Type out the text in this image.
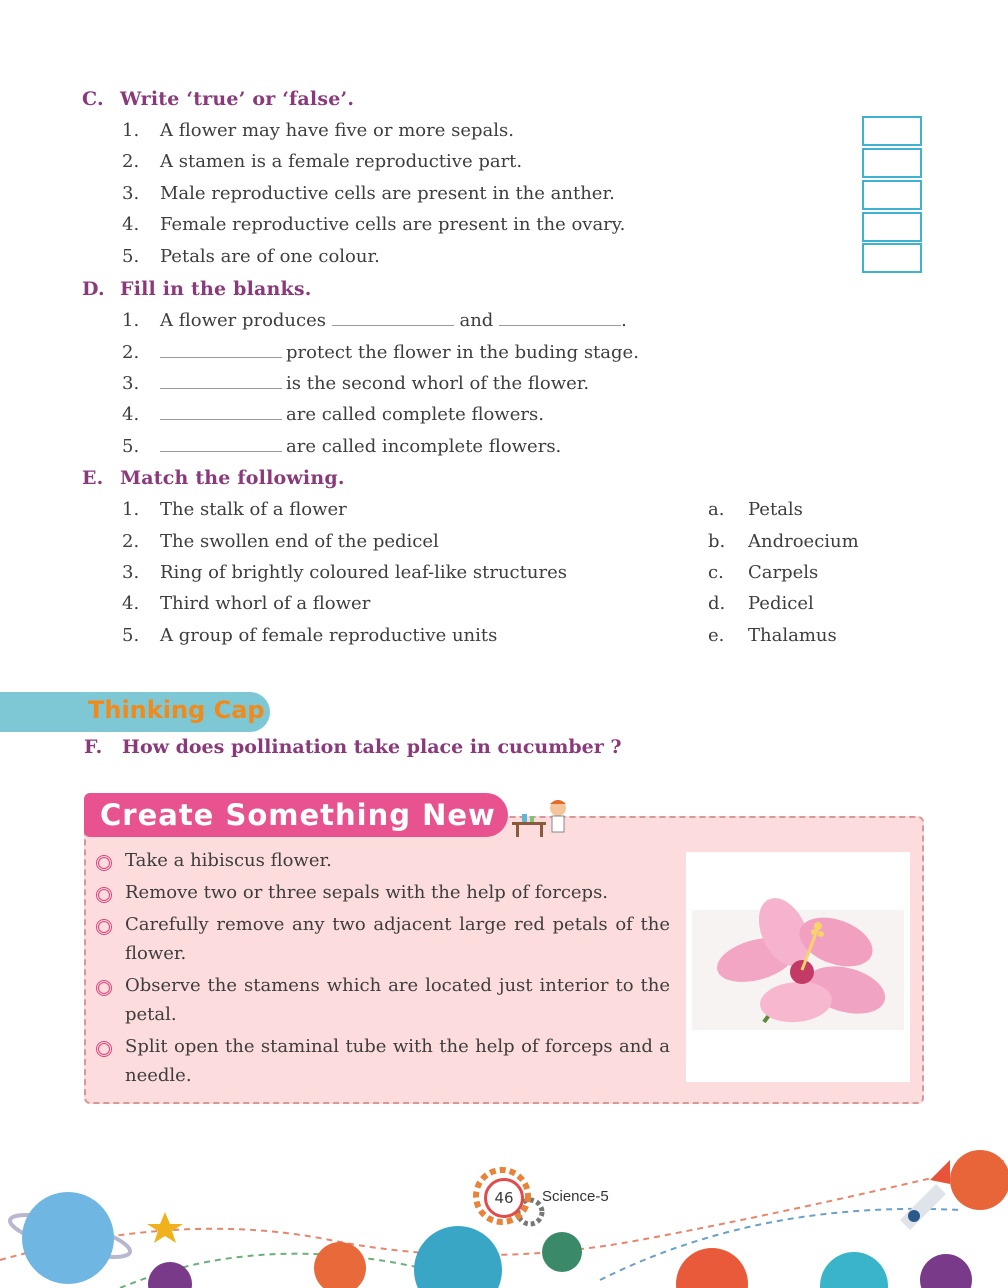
C. Write ‘true’ or ‘false’.
1. A flower may have five or more sepals.
2. A stamen is a female reproductive part.
3. Male reproductive cells are present in the anther.
4. Female reproductive cells are present in the ovary.
5. Petals are of one colour.
D. Fill in the blanks.
1. A flower produces	and	.
2.	protect the flower in the buding stage.
3.	is the second whorl of the flower.
4.	are called complete flowers.
5.	are called incomplete flowers.
E. Match the following.
1. The stalk of a flower
2. The swollen end of the pedicel
3. Ring of brightly coloured leaf-like structures
4. Third whorl of a flower
5. A group of female reproductive units
a. Petals
b. Androecium
c. Carpels
d. Pedicel
e. Thalamus
Thinking Cap
F. How does pollination take place in cucumber ?
Create Something New
Take a hibiscus flower.
Remove two or three sepals with the help of forceps.
Carefully remove any two adjacent large red petals of the flower.
Observe the stamens which are located just interior to the petal.
Split open the staminal tube with the help of forceps and a needle.
46	Science-5
